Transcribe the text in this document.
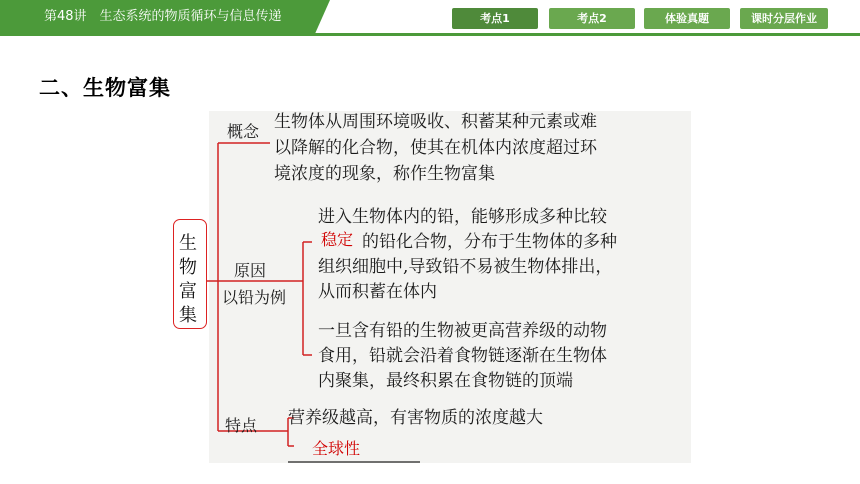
第48讲　生态系统的物质循环与信息传递	考点1	考点2	体验真题	课时分层作业
二、生物富集
生
物
富
集
概念 生物体从周围环境吸收、积蓄某种元素或难
以降解的化合物，使其在机体内浓度超过环
境浓度的现象，称作生物富集
原因
以铅为例
进入生物体内的铅，能够形成多种比较
稳定 的铅化合物，分布于生物体的多种
组织细胞中,导致铅不易被生物体排出，
从而积蓄在体内
一旦含有铅的生物被更高营养级的动物
食用，铅就会沿着食物链逐渐在生物体
内聚集，最终积累在食物链的顶端
特点 营养级越高，有害物质的浓度越大
全球性
